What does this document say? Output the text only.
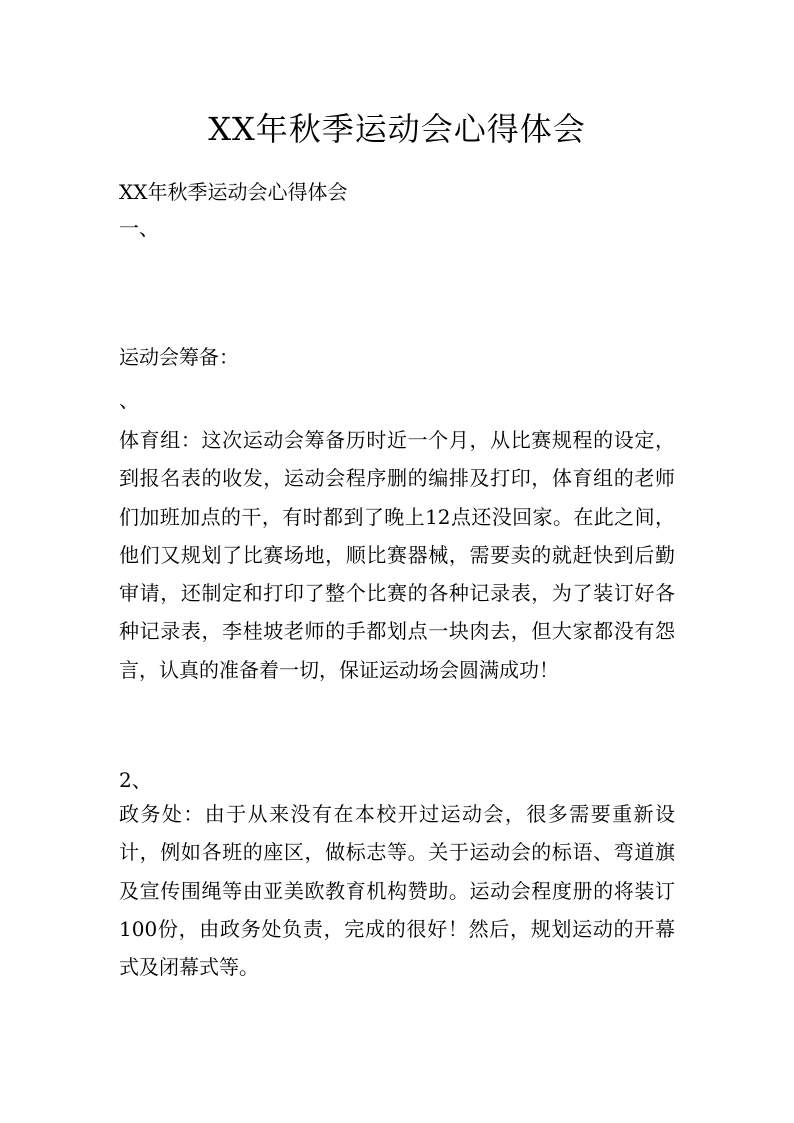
XX年秋季运动会心得体会
XX年秋季运动会心得体会
一、
运动会筹备：
、
体育组：这次运动会筹备历时近一个月，从比赛规程的设定，到报名表的收发，运动会程序删的编排及打印，体育组的老师们加班加点的干，有时都到了晚上12点还没回家。在此之间，他们又规划了比赛场地，顺比赛器械，需要卖的就赶快到后勤审请，还制定和打印了整个比赛的各种记录表，为了装订好各种记录表，李桂坡老师的手都划点一块肉去，但大家都没有怨言，认真的准备着一切，保证运动场会圆满成功！
2、
政务处：由于从来没有在本校开过运动会，很多需要重新设计，例如各班的座区，做标志等。关于运动会的标语、弯道旗及宣传围绳等由亚美欧教育机构赞助。运动会程度册的将装订100份，由政务处负责，完成的很好！然后，规划运动的开幕式及闭幕式等。
